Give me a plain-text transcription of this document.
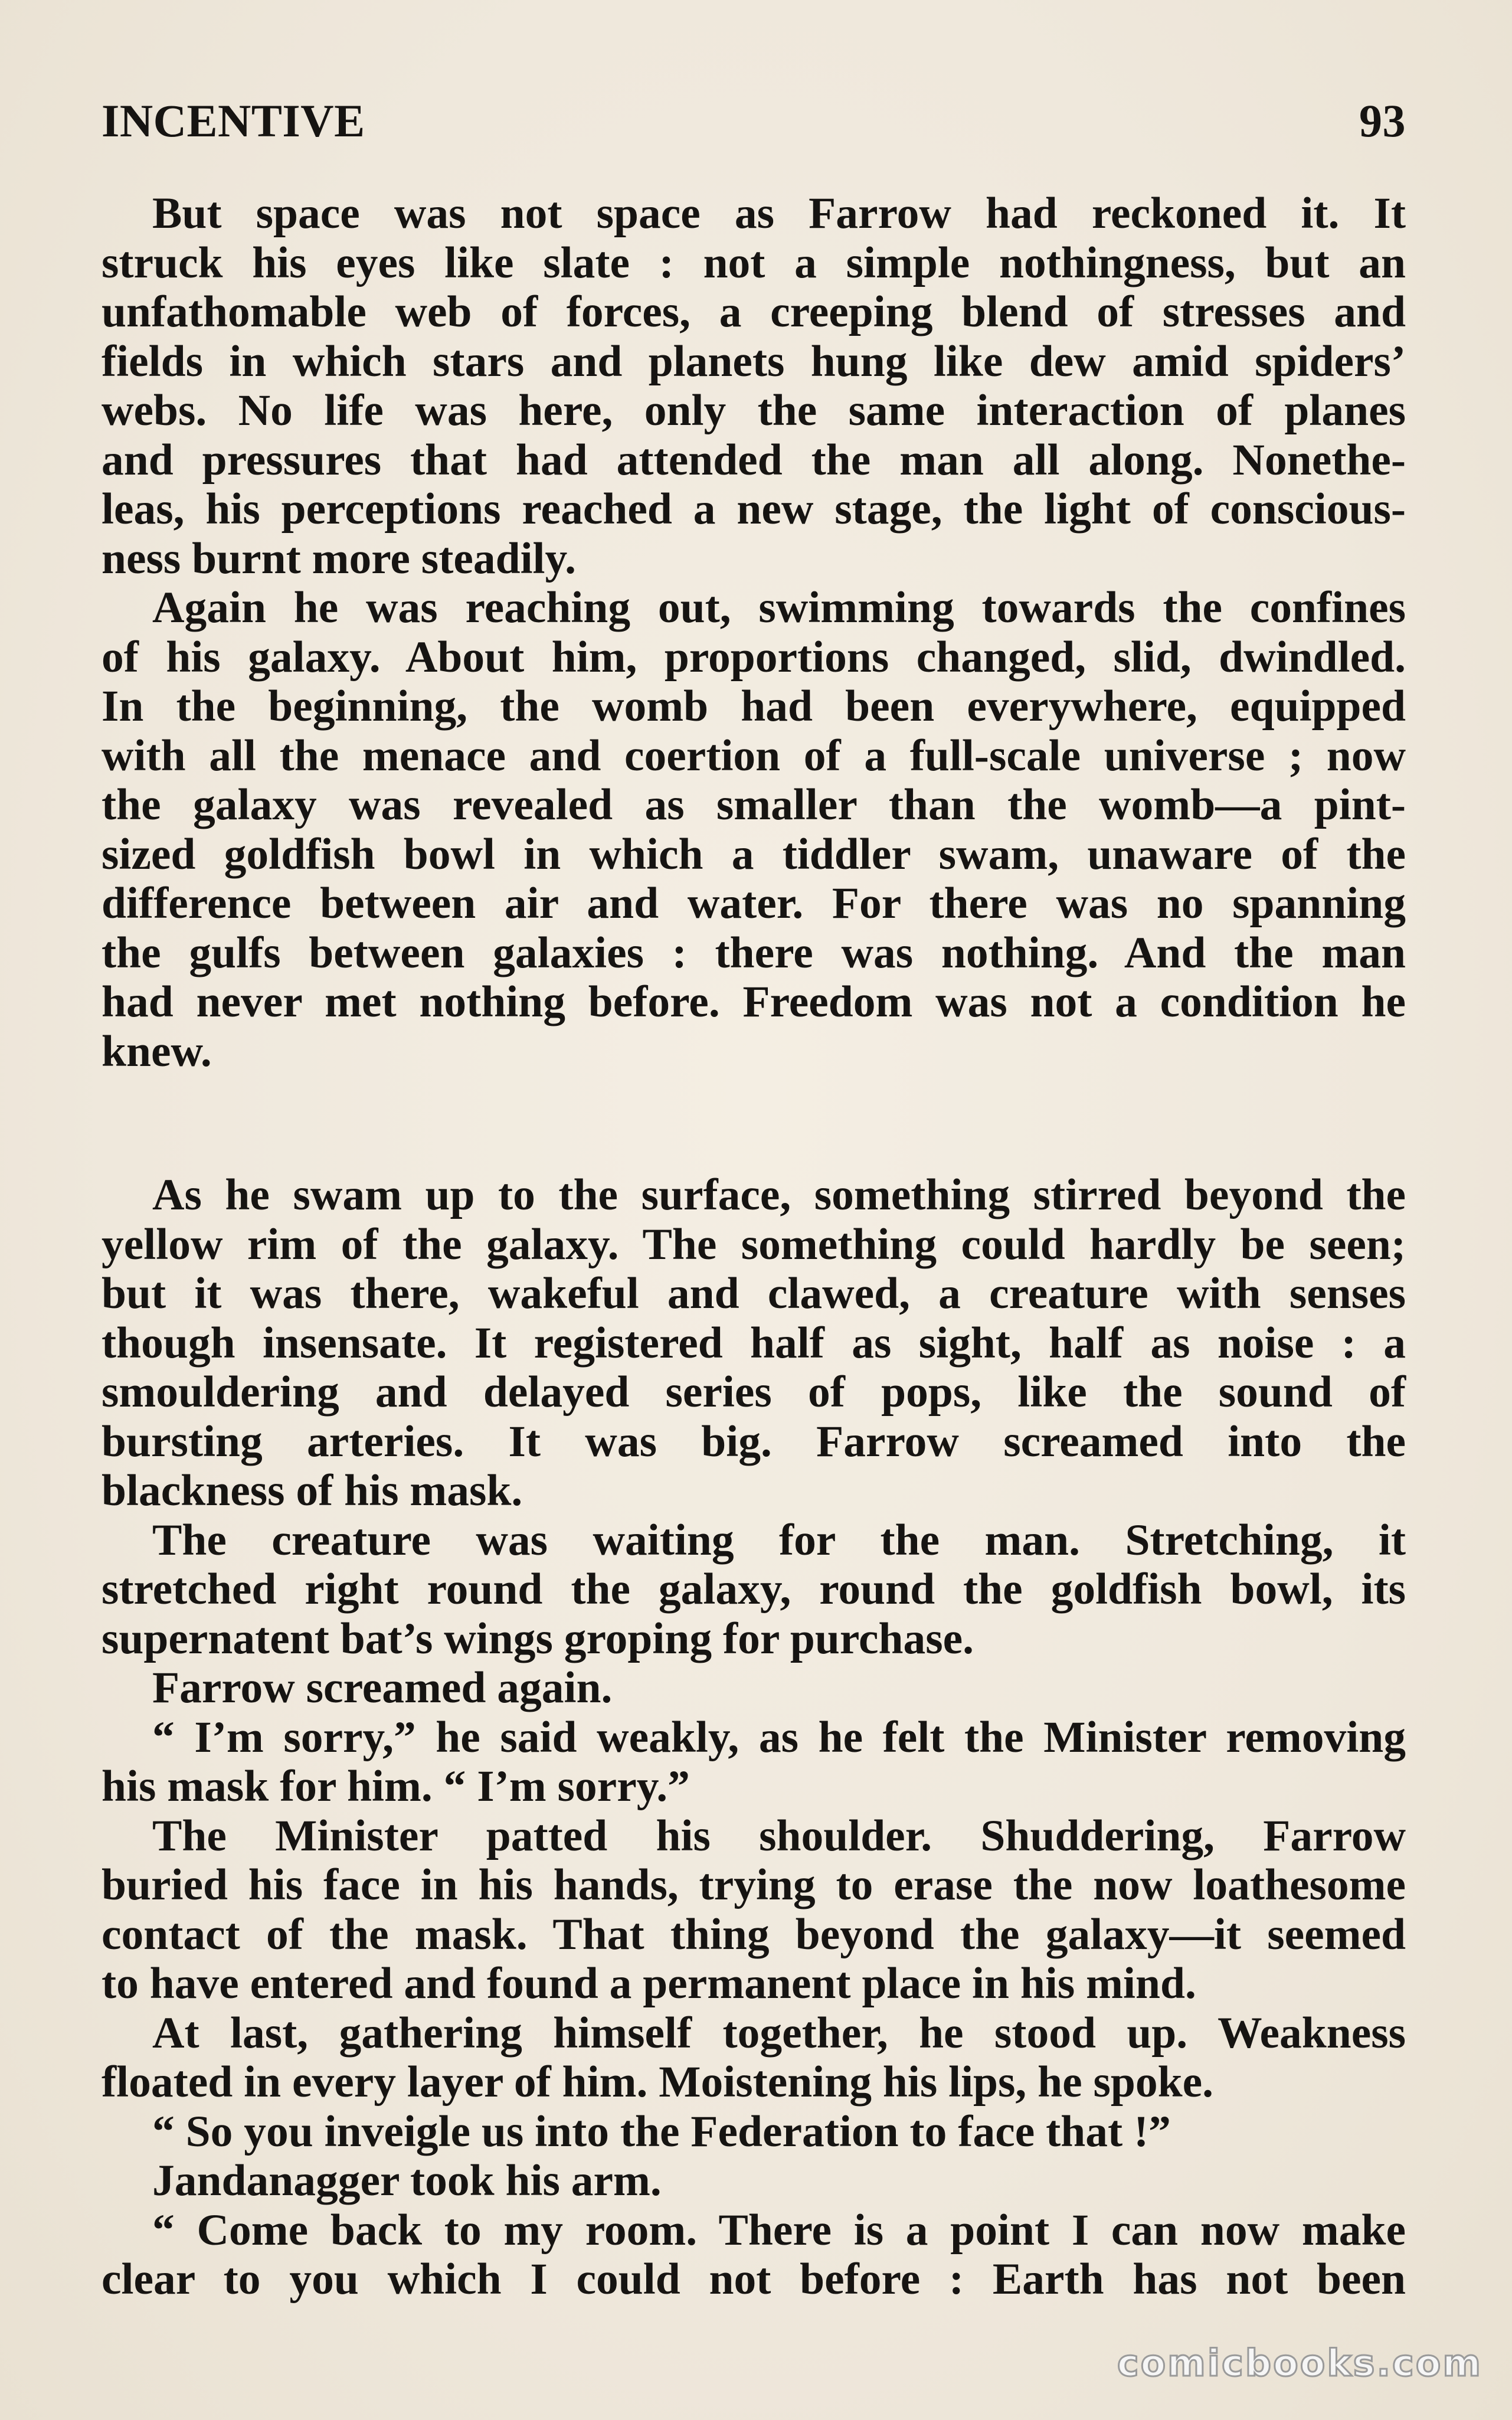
INCENTIVE	93
But space was not space as Farrow had reckoned it. It
struck his eyes like slate : not a simple nothingness, but an
unfathomable web of forces, a creeping blend of stresses and
fields in which stars and planets hung like dew amid spiders’
webs. No life was here, only the same interaction of planes
and pressures that had attended the man all along. Nonethe-
leas, his perceptions reached a new stage, the light of conscious-
ness burnt more steadily.
Again he was reaching out, swimming towards the confines
of his galaxy. About him, proportions changed, slid, dwindled.
In the beginning, the womb had been everywhere, equipped
with all the menace and coertion of a full-scale universe ; now
the galaxy was revealed as smaller than the womb—a pint-
sized goldfish bowl in which a tiddler swam, unaware of the
difference between air and water. For there was no spanning
the gulfs between galaxies : there was nothing. And the man
had never met nothing before. Freedom was not a condition he
knew.
As he swam up to the surface, something stirred beyond the
yellow rim of the galaxy. The something could hardly be seen;
but it was there, wakeful and clawed, a creature with senses
though insensate. It registered half as sight, half as noise : a
smouldering and delayed series of pops, like the sound of
bursting arteries. It was big. Farrow screamed into the
blackness of his mask.
The creature was waiting for the man. Stretching, it
stretched right round the galaxy, round the goldfish bowl, its
supernatent bat’s wings groping for purchase.
Farrow screamed again.
“ I’m sorry,” he said weakly, as he felt the Minister removing
his mask for him. “ I’m sorry.”
The Minister patted his shoulder. Shuddering, Farrow
buried his face in his hands, trying to erase the now loathesome
contact of the mask. That thing beyond the galaxy—it seemed
to have entered and found a permanent place in his mind.
At last, gathering himself together, he stood up. Weakness
floated in every layer of him. Moistening his lips, he spoke.
“ So you inveigle us into the Federation to face that !”
Jandanagger took his arm.
“ Come back to my room. There is a point I can now make
clear to you which I could not before : Earth has not been
comicbooks.com
